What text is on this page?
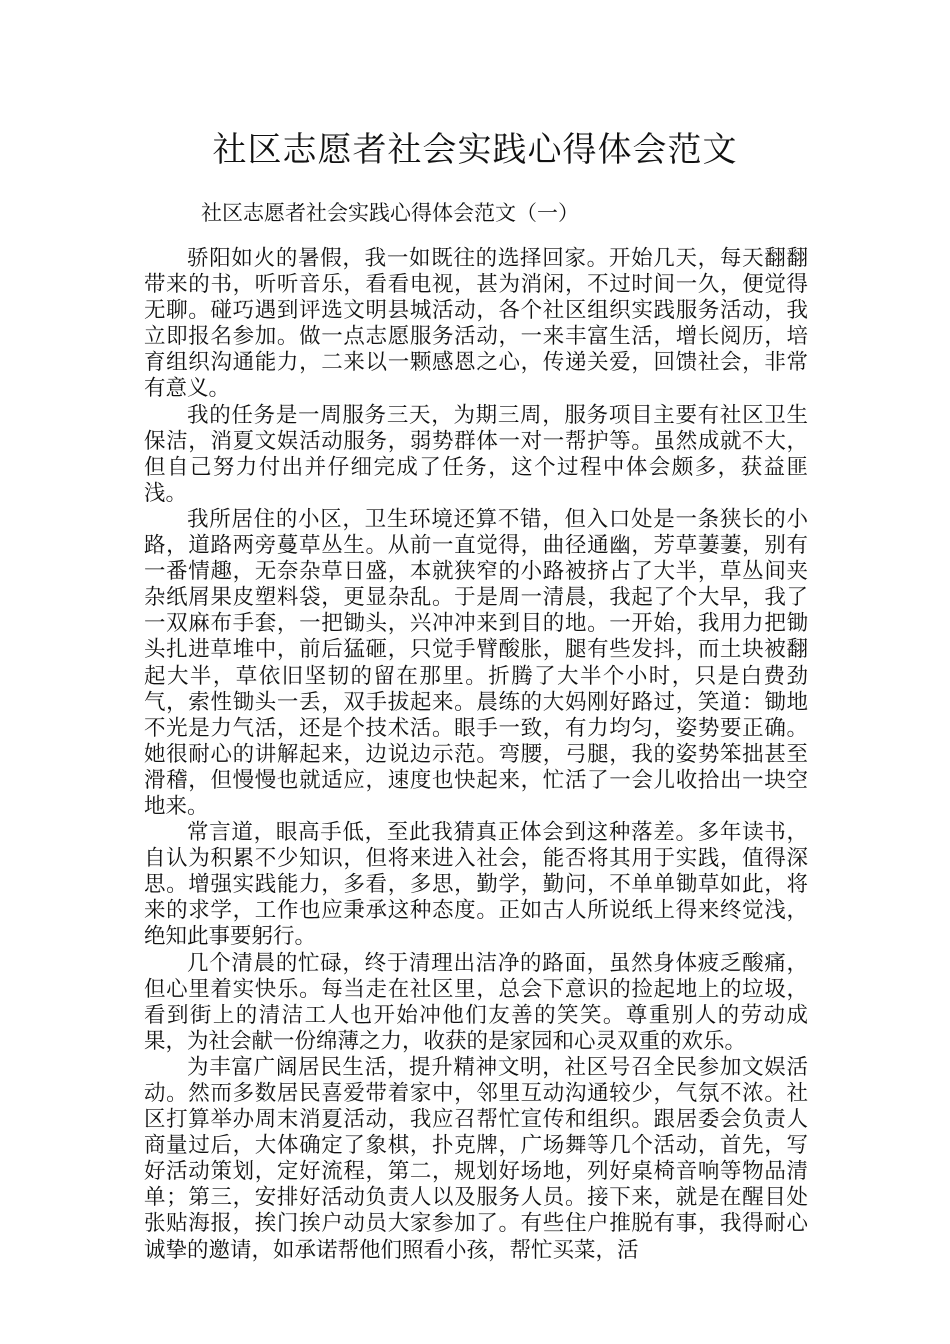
社区志愿者社会实践心得体会范文
社区志愿者社会实践心得体会范文（一）

骄阳如火的暑假，我一如既往的选择回家。开始几天，每天翻翻带来的书，听听音乐，看看电视，甚为消闲，不过时间一久，便觉得无聊。碰巧遇到评选文明县城活动，各个社区组织实践服务活动，我立即报名参加。做一点志愿服务活动，一来丰富生活，增长阅历，培育组织沟通能力，二来以一颗感恩之心，传递关爱，回馈社会，非常有意义。

我的任务是一周服务三天，为期三周，服务项目主要有社区卫生保洁，消夏文娱活动服务，弱势群体一对一帮护等。虽然成就不大，但自己努力付出并仔细完成了任务，这个过程中体会颇多，获益匪浅。

我所居住的小区，卫生环境还算不错，但入口处是一条狭长的小路，道路两旁蔓草丛生。从前一直觉得，曲径通幽，芳草萋萋，别有一番情趣，无奈杂草日盛，本就狭窄的小路被挤占了大半，草丛间夹杂纸屑果皮塑料袋，更显杂乱。于是周一清晨，我起了个大早，我了一双麻布手套，一把锄头，兴冲冲来到目的地。一开始，我用力把锄头扎进草堆中，前后猛砸，只觉手臂酸胀，腿有些发抖，而土块被翻起大半，草依旧坚韧的留在那里。折腾了大半个小时，只是白费劲气，索性锄头一丢，双手拔起来。晨练的大妈刚好路过，笑道：锄地不光是力气活，还是个技术活。眼手一致，有力均匀，姿势要正确。她很耐心的讲解起来，边说边示范。弯腰，弓腿，我的姿势笨拙甚至滑稽，但慢慢也就适应，速度也快起来，忙活了一会儿收拾出一块空地来。

常言道，眼高手低，至此我猜真正体会到这种落差。多年读书，自认为积累不少知识，但将来进入社会，能否将其用于实践，值得深思。增强实践能力，多看，多思，勤学，勤问，不单单锄草如此，将来的求学，工作也应秉承这种态度。正如古人所说纸上得来终觉浅，绝知此事要躬行。

几个清晨的忙碌，终于清理出洁净的路面，虽然身体疲乏酸痛，但心里着实快乐。每当走在社区里，总会下意识的捡起地上的垃圾，看到街上的清洁工人也开始冲他们友善的笑笑。尊重别人的劳动成果，为社会献一份绵薄之力，收获的是家园和心灵双重的欢乐。

为丰富广阔居民生活，提升精神文明，社区号召全民参加文娱活动。然而多数居民喜爱带着家中，邻里互动沟通较少，气氛不浓。社区打算举办周末消夏活动，我应召帮忙宣传和组织。跟居委会负责人商量过后，大体确定了象棋，扑克牌，广场舞等几个活动，首先，写好活动策划，定好流程，第二，规划好场地，列好桌椅音响等物品清单；第三，安排好活动负责人以及服务人员。接下来，就是在醒目处张贴海报，挨门挨户动员大家参加了。有些住户推脱有事，我得耐心诚挚的邀请，如承诺帮他们照看小孩，帮忙买菜，活
